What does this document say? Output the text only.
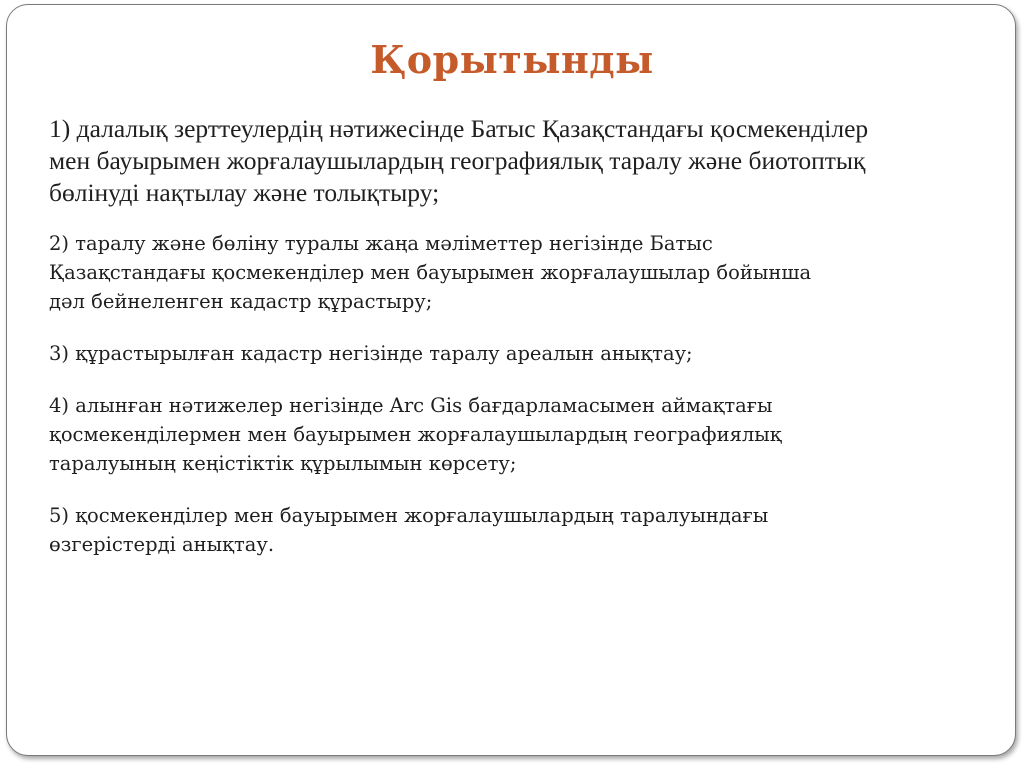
Қорытынды
1) далалық зерттеулердің нәтижесінде Батыс Қазақстандағы қосмекенділер
мен бауырымен жорғалаушылардың географиялық таралу және биотоптық
бөлінуді нақтылау және толықтыру;
2) таралу және бөліну туралы жаңа мәліметтер негізінде Батыс
Қазақстандағы қосмекенділер мен бауырымен жорғалаушылар бойынша
дәл бейнеленген кадастр құрастыру;
3) құрастырылған кадастр негізінде таралу ареалын анықтау;
4) алынған нәтижелер негізінде Arc Gis бағдарламасымен аймақтағы
қосмекенділермен мен бауырымен жорғалаушылардың географиялық
таралуының кеңістіктік құрылымын көрсету;
5) қосмекенділер мен бауырымен жорғалаушылардың таралуындағы
өзгерістерді анықтау.
